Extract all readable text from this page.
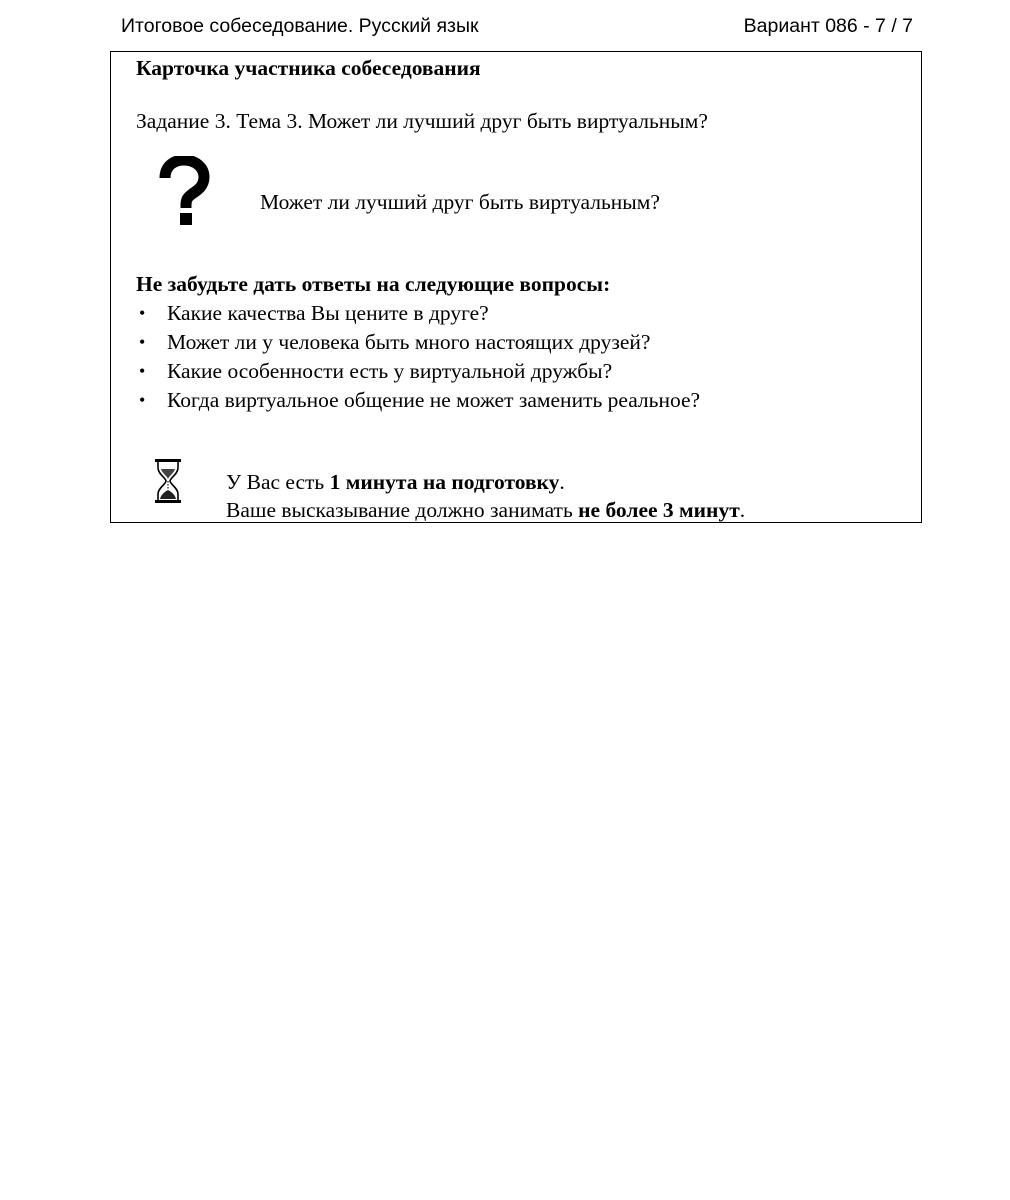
Итоговое собеседование. Русский язык	Вариант 086 - 7 / 7
Карточка участника собеседования
Задание 3. Тема 3. Может ли лучший друг быть виртуальным?
Может ли лучший друг быть виртуальным?
Не забудьте дать ответы на следующие вопросы:
• Какие качества Вы цените в друге?
• Может ли у человека быть много настоящих друзей?
• Какие особенности есть у виртуальной дружбы?
• Когда виртуальное общение не может заменить реальное?
У Вас есть 1 минута на подготовку.
Ваше высказывание должно занимать не более 3 минут.
